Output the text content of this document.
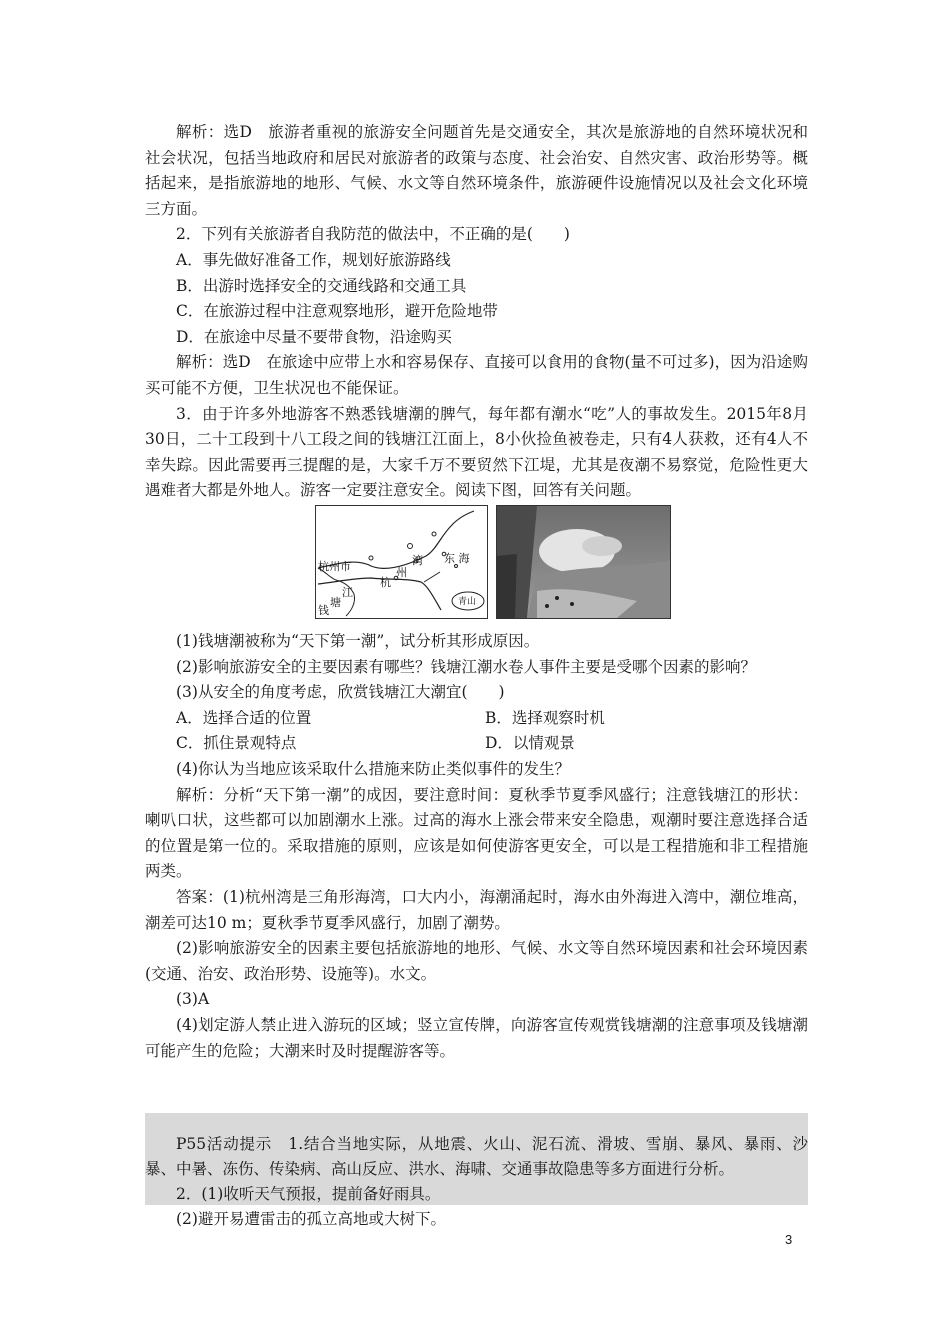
解析：选D　旅游者重视的旅游安全问题首先是交通安全，其次是旅游地的自然环境状况和社会状况，包括当地政府和居民对旅游者的政策与态度、社会治安、自然灾害、政治形势等。概括起来，是指旅游地的地形、气候、水文等自然环境条件，旅游硬件设施情况以及社会文化环境三方面。

2．下列有关旅游者自我防范的做法中，不正确的是(　　)

A．事先做好准备工作，规划好旅游路线

B．出游时选择安全的交通线路和交通工具

C．在旅游过程中注意观察地形，避开危险地带

D．在旅途中尽量不要带食物，沿途购买

解析：选D　在旅途中应带上水和容易保存、直接可以食用的食物(量不可过多)，因为沿途购买可能不方便，卫生状况也不能保证。

3．由于许多外地游客不熟悉钱塘潮的脾气，每年都有潮水“吃”人的事故发生。2015年8月30日，二十工段到十八工段之间的钱塘江江面上，8小伙捡鱼被卷走，只有4人获救，还有4人不幸失踪。因此需要再三提醒的是，大家千万不要贸然下江堤，尤其是夜潮不易察觉，危险性更大遇难者大都是外地人。游客一定要注意安全。阅读下图，回答有关问题。

杭州市
杭
州
湾 东 海
钱
塘
江
青山

(1)钱塘潮被称为“天下第一潮”，试分析其形成原因。

(2)影响旅游安全的主要因素有哪些？钱塘江潮水卷人事件主要是受哪个因素的影响？

(3)从安全的角度考虑，欣赏钱塘江大潮宜(　　)

A．选择合适的位置	B．选择观察时机
C．抓住景观特点	D．以情观景

(4)你认为当地应该采取什么措施来防止类似事件的发生？

解析：分析“天下第一潮”的成因，要注意时间：夏秋季节夏季风盛行；注意钱塘江的形状：喇叭口状，这些都可以加剧潮水上涨。过高的海水上涨会带来安全隐患，观潮时要注意选择合适的位置是第一位的。采取措施的原则，应该是如何使游客更安全，可以是工程措施和非工程措施两类。

答案：(1)杭州湾是三角形海湾，口大内小，海潮涌起时，海水由外海进入湾中，潮位堆高，潮差可达10 m；夏秋季节夏季风盛行，加剧了潮势。

(2)影响旅游安全的因素主要包括旅游地的地形、气候、水文等自然环境因素和社会环境因素(交通、治安、政治形势、设施等)。水文。

(3)A

(4)划定游人禁止进入游玩的区域；竖立宣传牌，向游客宣传观赏钱塘潮的注意事项及钱塘潮可能产生的危险；大潮来时及时提醒游客等。

P55活动提示　1.结合当地实际，从地震、火山、泥石流、滑坡、雪崩、暴风、暴雨、沙暴、中暑、冻伤、传染病、高山反应、洪水、海啸、交通事故隐患等多方面进行分析。

2．(1)收听天气预报，提前备好雨具。

(2)避开易遭雷击的孤立高地或大树下。

3
